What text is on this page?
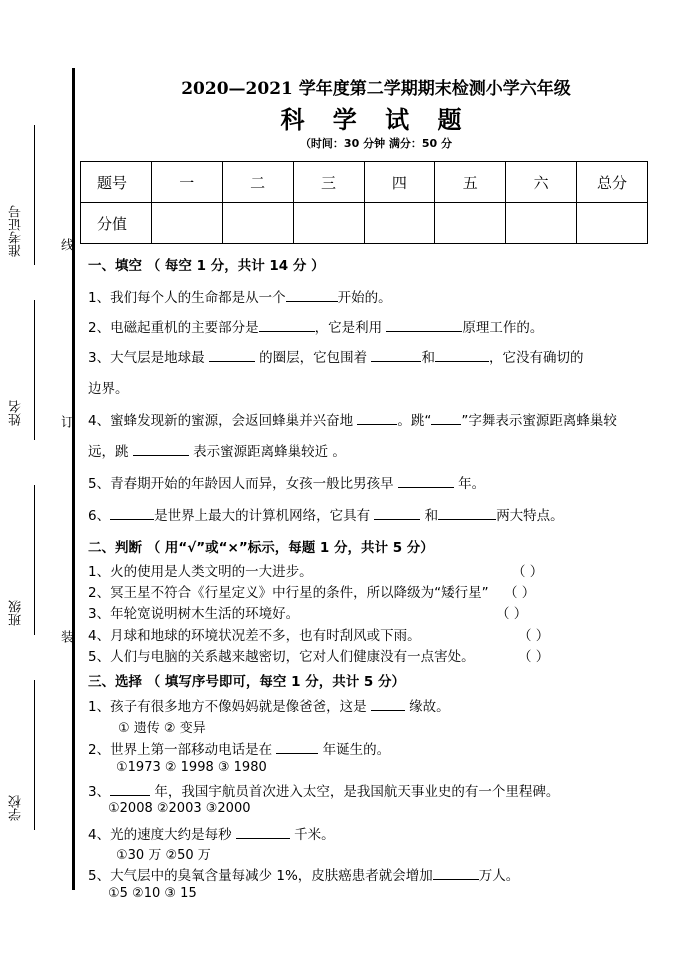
准考证号
姓名
班级
学校
线
订
装
2020—2021 学年度第二学期期末检测小学六年级
科 学 试 题
（时间：30 分钟 满分：50 分
题号	一	二	三	四	五	六	总分
分值							
一、填空 （ 每空 1 分，共计 14 分 ）
1、我们每个人的生命都是从一个	开始的。
2、电磁起重机的主要部分是	，它是利用	原理工作的。
3、大气层是地球最	的圈层，它包围着	和	，它没有确切的
边界。
4、蜜蜂发现新的蜜源，会返回蜂巢并兴奋地	。跳“ ”字舞表示蜜源距离蜂巢较
远，跳	表示蜜源距离蜂巢较近 。
5、青春期开始的年龄因人而异，女孩一般比男孩早	年。
6、	是世界上最大的计算机网络，它具有	和	两大特点。
二、判断 （ 用“√”或“×”标示，每题 1 分，共计 5 分）
1、火的使用是人类文明的一大进步。	（ ）
2、冥王星不符合《行星定义》中行星的条件，所以降级为“矮行星” （ ）
3、年轮宽说明树木生活的环境好。	（ ）
4、月球和地球的环境状况差不多，也有时刮风或下雨。	（ ）
5、人们与电脑的关系越来越密切，它对人们健康没有一点害处。	（ ）
三、选择 （ 填写序号即可，每空 1 分，共计 5 分）
1、孩子有很多地方不像妈妈就是像爸爸，这是	缘故。
① 遗传 ② 变异
2、世界上第一部移动电话是在	年诞生的。
①1973 ② 1998 ③ 1980
3、	年，我国宇航员首次进入太空，是我国航天事业史的有一个里程碑。
①2008 ②2003 ③2000
4、光的速度大约是每秒	千米。
①30 万 ②50 万
5、大气层中的臭氧含量每减少 1%，皮肤癌患者就会增加	万人。
①5 ②10 ③ 15
